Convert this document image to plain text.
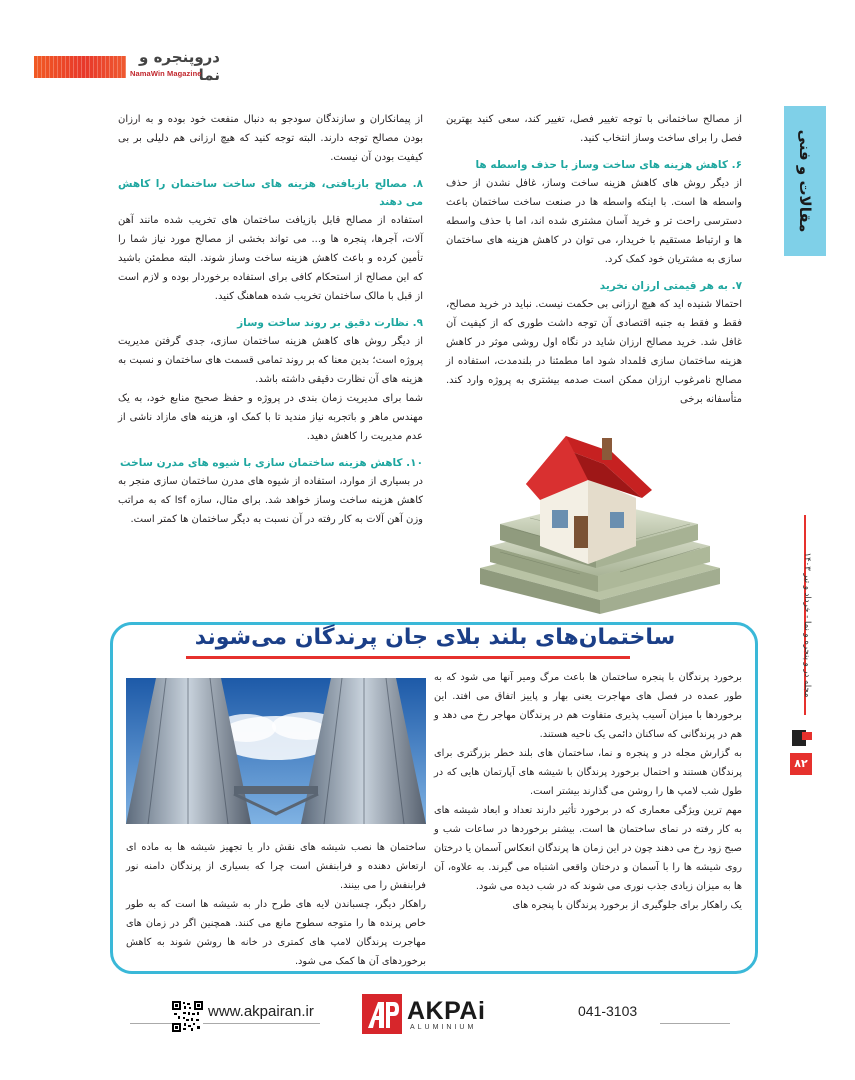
دروپنجره و نما
NamaWin Magazine
مقالات و فنی
مجله در و پنجره و نما - خرداد و تیر ۱۴۰۳
۸۲

از مصالح ساختمانی با توجه تغییر فصل، تغییر کند، سعی کنید بهترین فصل را برای ساخت وساز انتخاب کنید.

۶. کاهش هزینه های ساخت وساز با حذف واسطه ها

از دیگر روش های کاهش هزینه ساخت وساز، غافل نشدن از حذف واسطه ها است. با اینکه واسطه ها در صنعت ساخت ساختمان باعث دسترسی راحت تر و خرید آسان مشتری شده اند، اما با حذف واسطه ها و ارتباط مستقیم با خریدار، می توان در کاهش هزینه های ساختمان سازی به مشتریان خود کمک کرد.

۷. به هر قیمتی ارزان نخرید

احتمالا شنیده اید که هیچ ارزانی بی حکمت نیست. نباید در خرید مصالح، فقط و فقط به جنبه اقتصادی آن توجه داشت طوری که از کیفیت آن غافل شد. خرید مصالح ارزان شاید در نگاه اول روشی موثر در کاهش هزینه ساختمان سازی قلمداد شود اما مطمئنا در بلندمدت، استفاده از مصالح نامرغوب ارزان ممکن است صدمه بیشتری به پروژه وارد کند. متأسفانه برخی

از پیمانکاران و سازندگان سودجو به دنبال منفعت خود بوده و به ارزان بودن مصالح توجه دارند. البته توجه کنید که هیچ ارزانی هم دلیلی بر بی کیفیت بودن آن نیست.

۸. مصالح بازیافتی، هزینه های ساخت ساختمان را کاهش می دهند

استفاده از مصالح قابل بازیافت ساختمان های تخریب شده مانند آهن آلات، آجرها، پنجره ها و... می تواند بخشی از مصالح مورد نیاز شما را تأمین کرده و باعث کاهش هزینه ساخت وساز شوند. البته مطمئن باشید که این مصالح از استحکام کافی برای استفاده برخوردار بوده و لازم است از قبل با مالک ساختمان تخریب شده هماهنگ کنید.

۹. نظارت دقیق بر روند ساخت وساز

از دیگر روش های کاهش هزینه ساختمان سازی، جدی گرفتن مدیریت پروژه است؛ بدین معنا که بر روند تمامی قسمت های ساختمان و نسبت به هزینه های آن نظارت دقیقی داشته باشد.

شما برای مدیریت زمان بندی در پروژه و حفظ صحیح منابع خود، به یک مهندس ماهر و باتجربه نیاز مندید تا با کمک او، هزینه های مازاد ناشی از عدم مدیریت را کاهش دهید.

۱۰. کاهش هزینه ساختمان سازی با شیوه های مدرن ساخت

در بسیاری از موارد، استفاده از شیوه های مدرن ساختمان سازی منجر به کاهش هزینه ساخت وساز خواهد شد. برای مثال، سازه lsf که به مراتب وزن آهن آلات به کار رفته در آن نسبت به دیگر ساختمان ها کمتر است.

ساختمان‌های بلند بلای جان پرندگان می‌شوند

برخورد پرندگان با پنجره ساختمان ها باعث مرگ ومیر آنها می شود که به طور عمده در فصل های مهاجرت یعنی بهار و پاییز اتفاق می افتد. این برخوردها با میزان آسیب پذیری متفاوت هم در پرندگان مهاجر رخ می دهد و هم در پرندگانی که ساکنان دائمی یک ناحیه هستند.

به گزارش مجله در و پنجره و نما، ساختمان های بلند خطر بزرگتری برای پرندگان هستند و احتمال برخورد پرندگان با شیشه های آپارتمان هایی که در طول شب لامپ ها را روشن می گذارند بیشتر است.

مهم ترین ویژگی معماری که در برخورد تأثیر دارند تعداد و ابعاد شیشه های به کار رفته در نمای ساختمان ها است. بیشتر برخوردها در ساعات شب و صبح زود رخ می دهند چون در این زمان ها پرندگان انعکاس آسمان یا درختان روی شیشه ها را با آسمان و درختان واقعی اشتباه می گیرند. به علاوه، آن ها به میزان زیادی جذب نوری می شوند که در شب دیده می شود.

یک راهکار برای جلوگیری از برخورد پرندگان با پنجره های

ساختمان ها نصب شیشه های نقش دار یا تجهیز شیشه ها به ماده ای ارتعاش دهنده و فرابنفش است چرا که بسیاری از پرندگان دامنه نور فرابنفش را می بینند.

راهکار دیگر، چسباندن لایه های طرح دار به شیشه ها است که به طور خاص پرنده ها را متوجه سطوح مانع می کنند. همچنین اگر در زمان های مهاجرت پرندگان لامپ های کمتری در خانه ها روشن شوند به کاهش برخوردهای آن ها کمک می شود.

www.akpairan.ir	AKPAi
ALUMINIUM
041-3103
